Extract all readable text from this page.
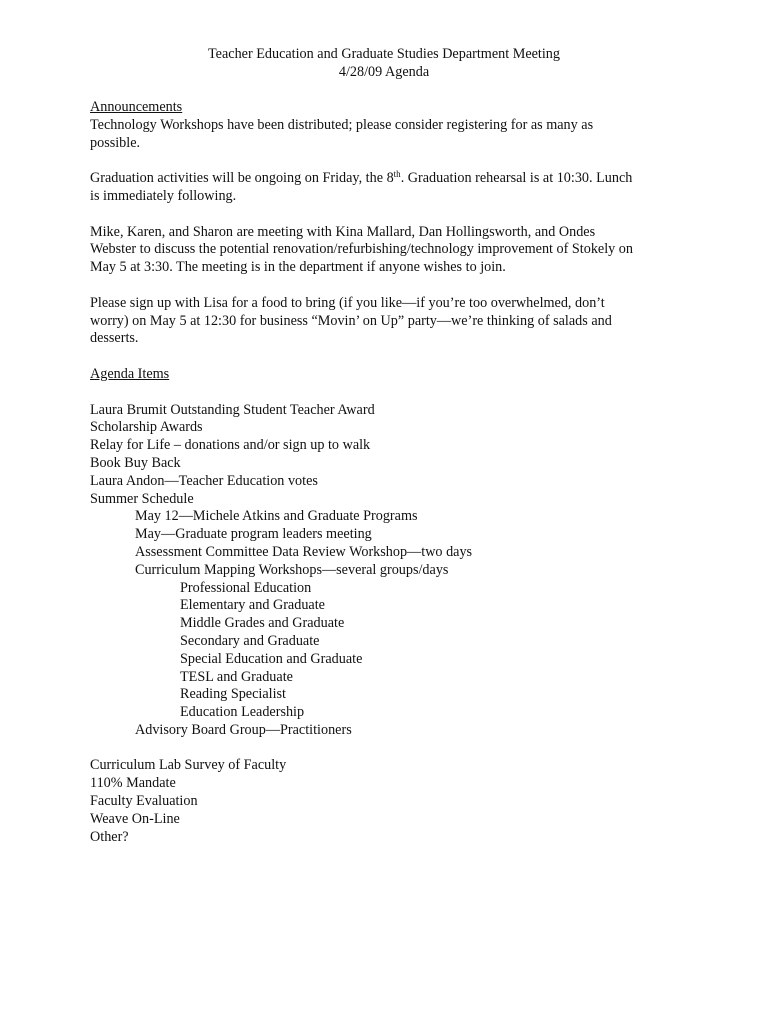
Teacher Education and Graduate Studies Department Meeting
4/28/09 Agenda
Announcements
Technology Workshops have been distributed; please consider registering for as many as
possible.
Graduation activities will be ongoing on Friday, the 8th. Graduation rehearsal is at 10:30. Lunch
is immediately following.
Mike, Karen, and Sharon are meeting with Kina Mallard, Dan Hollingsworth, and Ondes
Webster to discuss the potential renovation/refurbishing/technology improvement of Stokely on
May 5 at 3:30. The meeting is in the department if anyone wishes to join.
Please sign up with Lisa for a food to bring (if you like—if you’re too overwhelmed, don’t
worry) on May 5 at 12:30 for business “Movin’ on Up” party—we’re thinking of salads and
desserts.
Agenda Items
Laura Brumit Outstanding Student Teacher Award
Scholarship Awards
Relay for Life – donations and/or sign up to walk
Book Buy Back
Laura Andon—Teacher Education votes
Summer Schedule
May 12—Michele Atkins and Graduate Programs
May—Graduate program leaders meeting
Assessment Committee Data Review Workshop—two days
Curriculum Mapping Workshops—several groups/days
Professional Education
Elementary and Graduate
Middle Grades and Graduate
Secondary and Graduate
Special Education and Graduate
TESL and Graduate
Reading Specialist
Education Leadership
Advisory Board Group—Practitioners
Curriculum Lab Survey of Faculty
110% Mandate
Faculty Evaluation
Weave On-Line
Other?
